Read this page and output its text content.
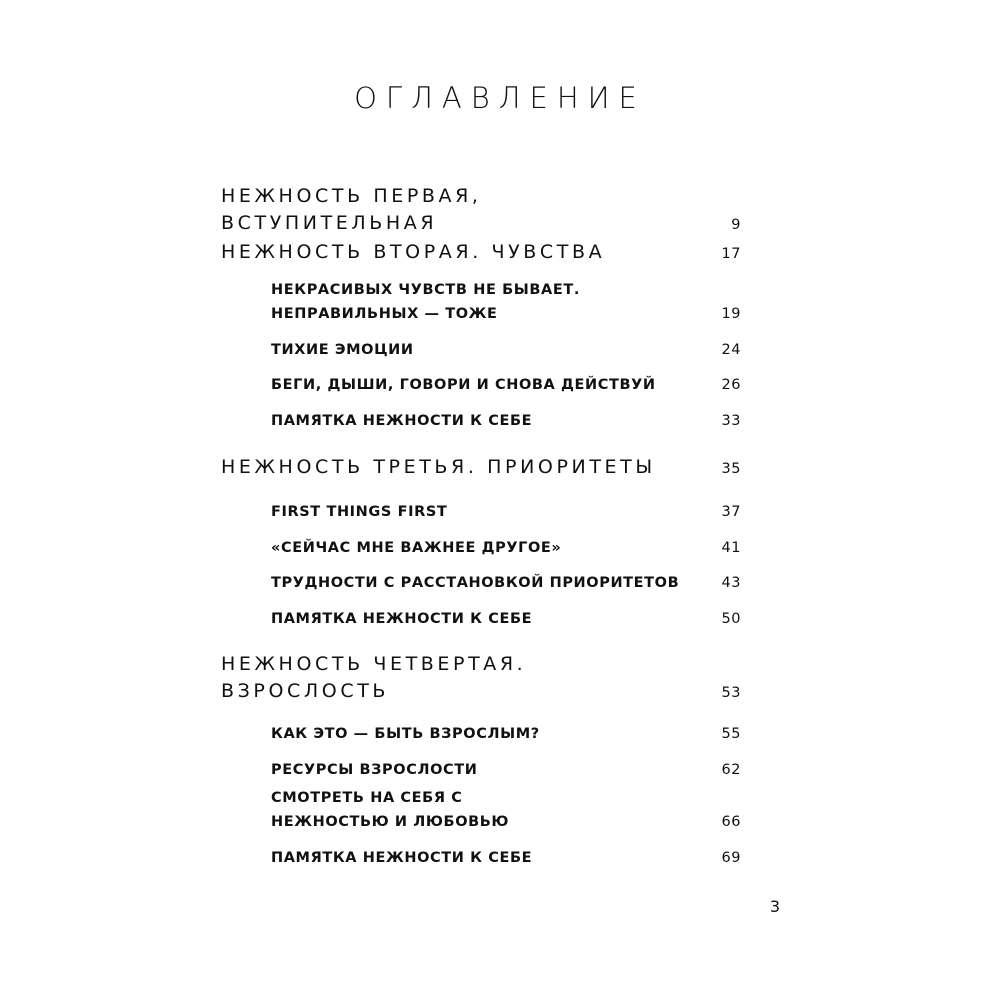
ОГЛАВЛЕНИЕ
НЕЖНОСТЬ ПЕРВАЯ, ВСТУПИТЕЛЬНАЯ	9
НЕЖНОСТЬ ВТОРАЯ. ЧУВСТВА	17
НЕКРАСИВЫХ ЧУВСТВ НЕ БЫВАЕТ. НЕПРАВИЛЬНЫХ — ТОЖЕ	19
ТИХИЕ ЭМОЦИИ	24
БЕГИ, ДЫШИ, ГОВОРИ И СНОВА ДЕЙСТВУЙ	26
ПАМЯТКА НЕЖНОСТИ К СЕБЕ	33
НЕЖНОСТЬ ТРЕТЬЯ. ПРИОРИТЕТЫ	35
FIRST THINGS FIRST	37
«СЕЙЧАС МНЕ ВАЖНЕЕ ДРУГОЕ»	41
ТРУДНОСТИ С РАССТАНОВКОЙ ПРИОРИТЕТОВ	43
ПАМЯТКА НЕЖНОСТИ К СЕБЕ	50
НЕЖНОСТЬ ЧЕТВЕРТАЯ. ВЗРОСЛОСТЬ	53
КАК ЭТО — БЫТЬ ВЗРОСЛЫМ?	55
РЕСУРСЫ ВЗРОСЛОСТИ	62
СМОТРЕТЬ НА СЕБЯ С НЕЖНОСТЬЮ И ЛЮБОВЬЮ	66
ПАМЯТКА НЕЖНОСТИ К СЕБЕ	69
3
